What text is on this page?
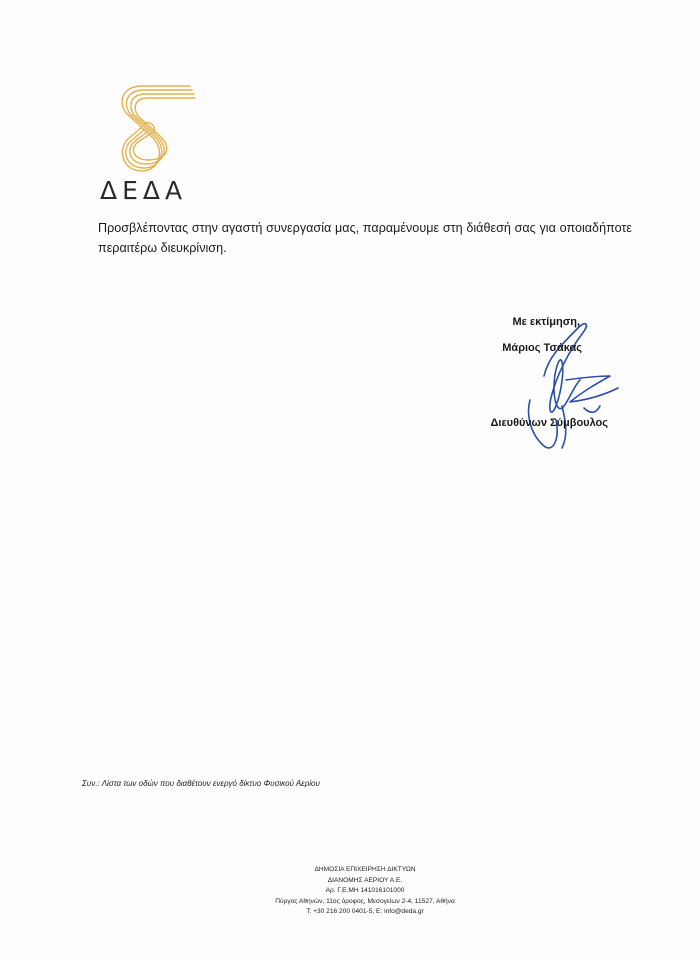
ΔΕΔΑ

Προσβλέποντας στην αγαστή συνεργασία μας, παραμένουμε στη διάθεσή σας για οποιαδήποτε περαιτέρω διευκρίνιση.

Με εκτίμηση,
Μάριος Τσάκας
Διευθύνων Σύμβουλος
Συν.: Λίστα των οδών που διαθέτουν ενεργό δίκτυο Φυσικού Αερίου
ΔΗΜΟΣΙΑ ΕΠΙΧΕΙΡΗΣΗ ΔΙΚΤΥΩΝ
ΔΙΑΝΟΜΗΣ ΑΕΡΙΟΥ Α.Ε.
Αρ. Γ.Ε.ΜΗ 141016101000
Πύργος Αθηνών, 11ος όροφος, Μεσογείων 2-4, 11527, Αθήνα
T: +30 216 200 0401-5, E: info@deda.gr
